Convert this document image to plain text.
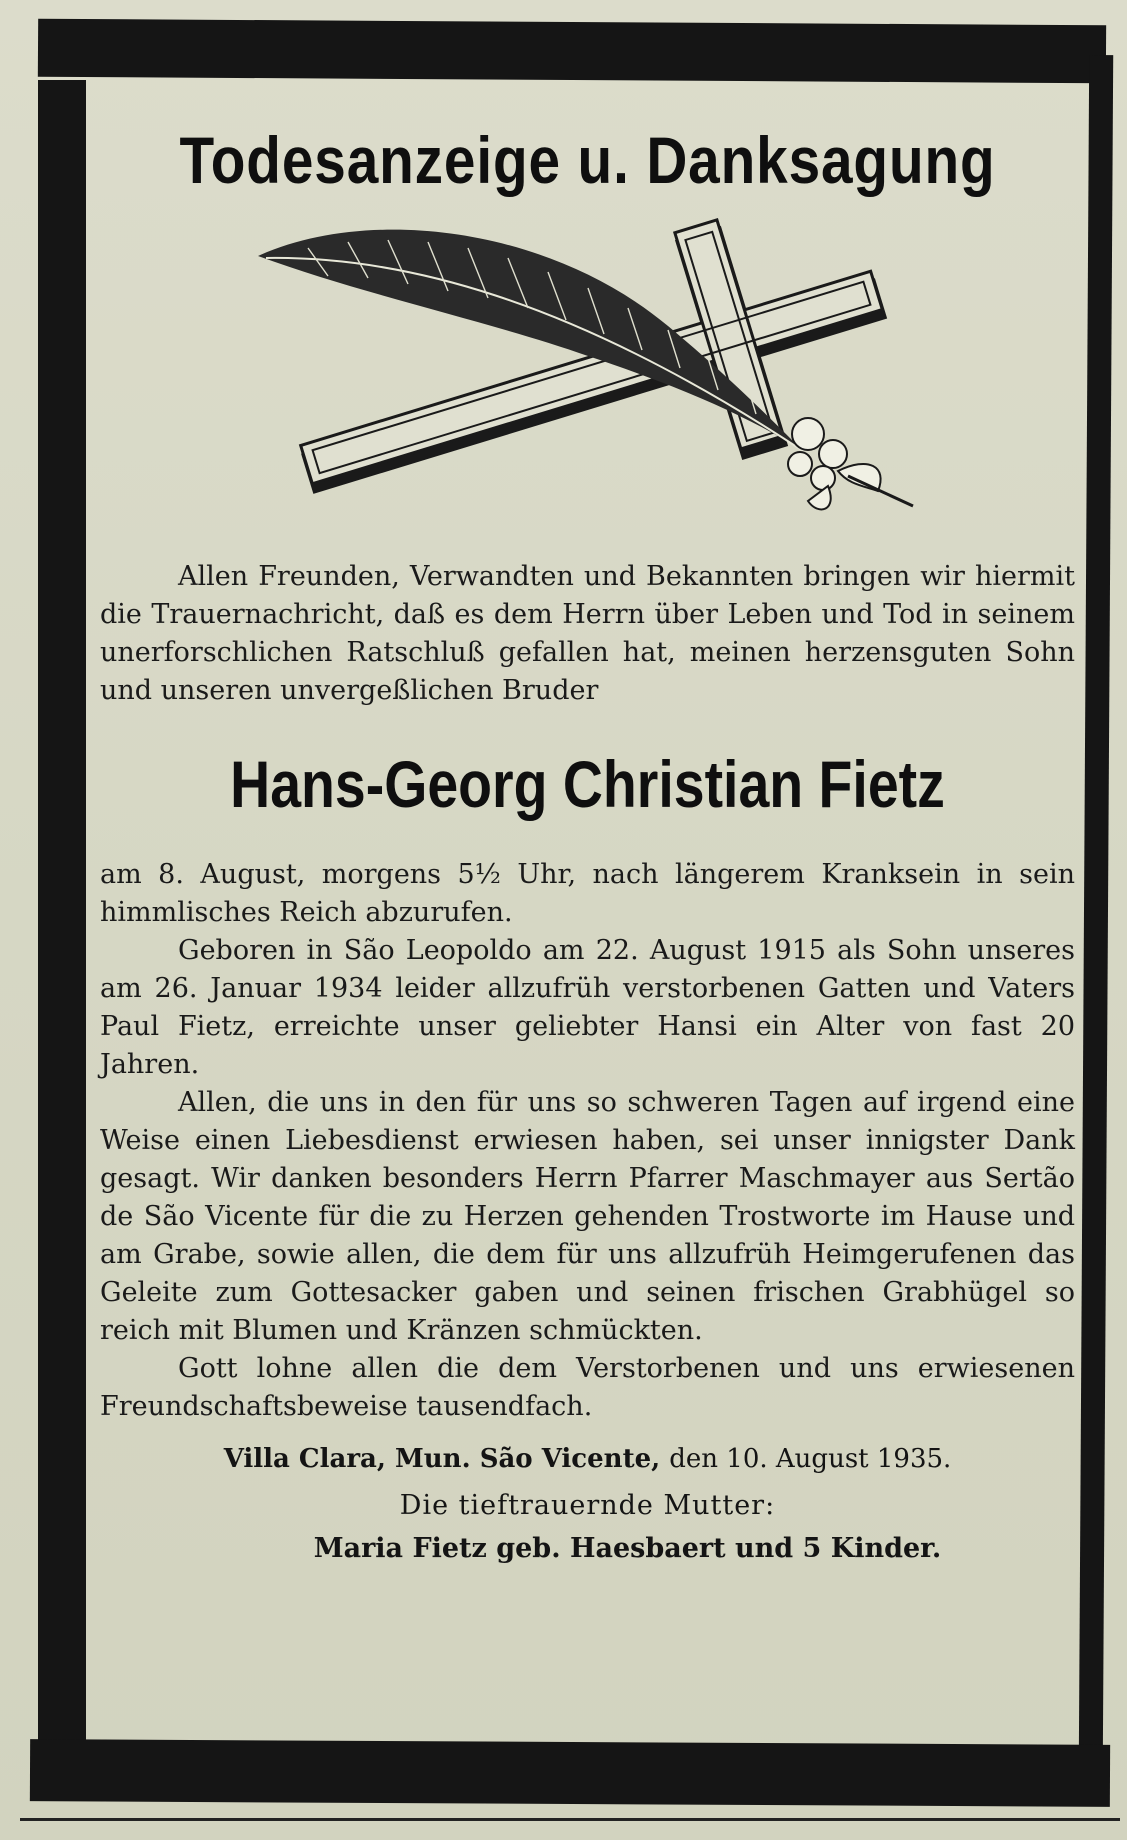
Todesanzeige u. Danksagung

Allen Freunden, Verwandten und Bekannten bringen wir hiermit die Trauernachricht, daß es dem Herrn über Leben und Tod in seinem unerforschlichen Ratschluß gefallen hat, meinen herzensguten Sohn und unseren unvergeßlichen Bruder

Hans-Georg Christian Fietz

am 8. August, morgens 5½ Uhr, nach längerem Kranksein in sein himmlisches Reich abzurufen.

Geboren in São Leopoldo am 22. August 1915 als Sohn unseres am 26. Januar 1934 leider allzufrüh verstorbenen Gatten und Vaters Paul Fietz, erreichte unser geliebter Hansi ein Alter von fast 20 Jahren.

Allen, die uns in den für uns so schweren Tagen auf irgend eine Weise einen Liebesdienst erwiesen haben, sei unser innigster Dank gesagt. Wir danken besonders Herrn Pfarrer Maschmayer aus Sertão de São Vicente für die zu Herzen gehenden Trostworte im Hause und am Grabe, sowie allen, die dem für uns allzufrüh Heimgerufenen das Geleite zum Gottesacker gaben und seinen frischen Grabhügel so reich mit Blumen und Kränzen schmückten.

Gott lohne allen die dem Verstorbenen und uns erwiesenen Freundschaftsbeweise tausendfach.

Villa Clara, Mun. São Vicente, den 10. August 1935.

Die tieftrauernde Mutter:

Maria Fietz geb. Haesbaert und 5 Kinder.
